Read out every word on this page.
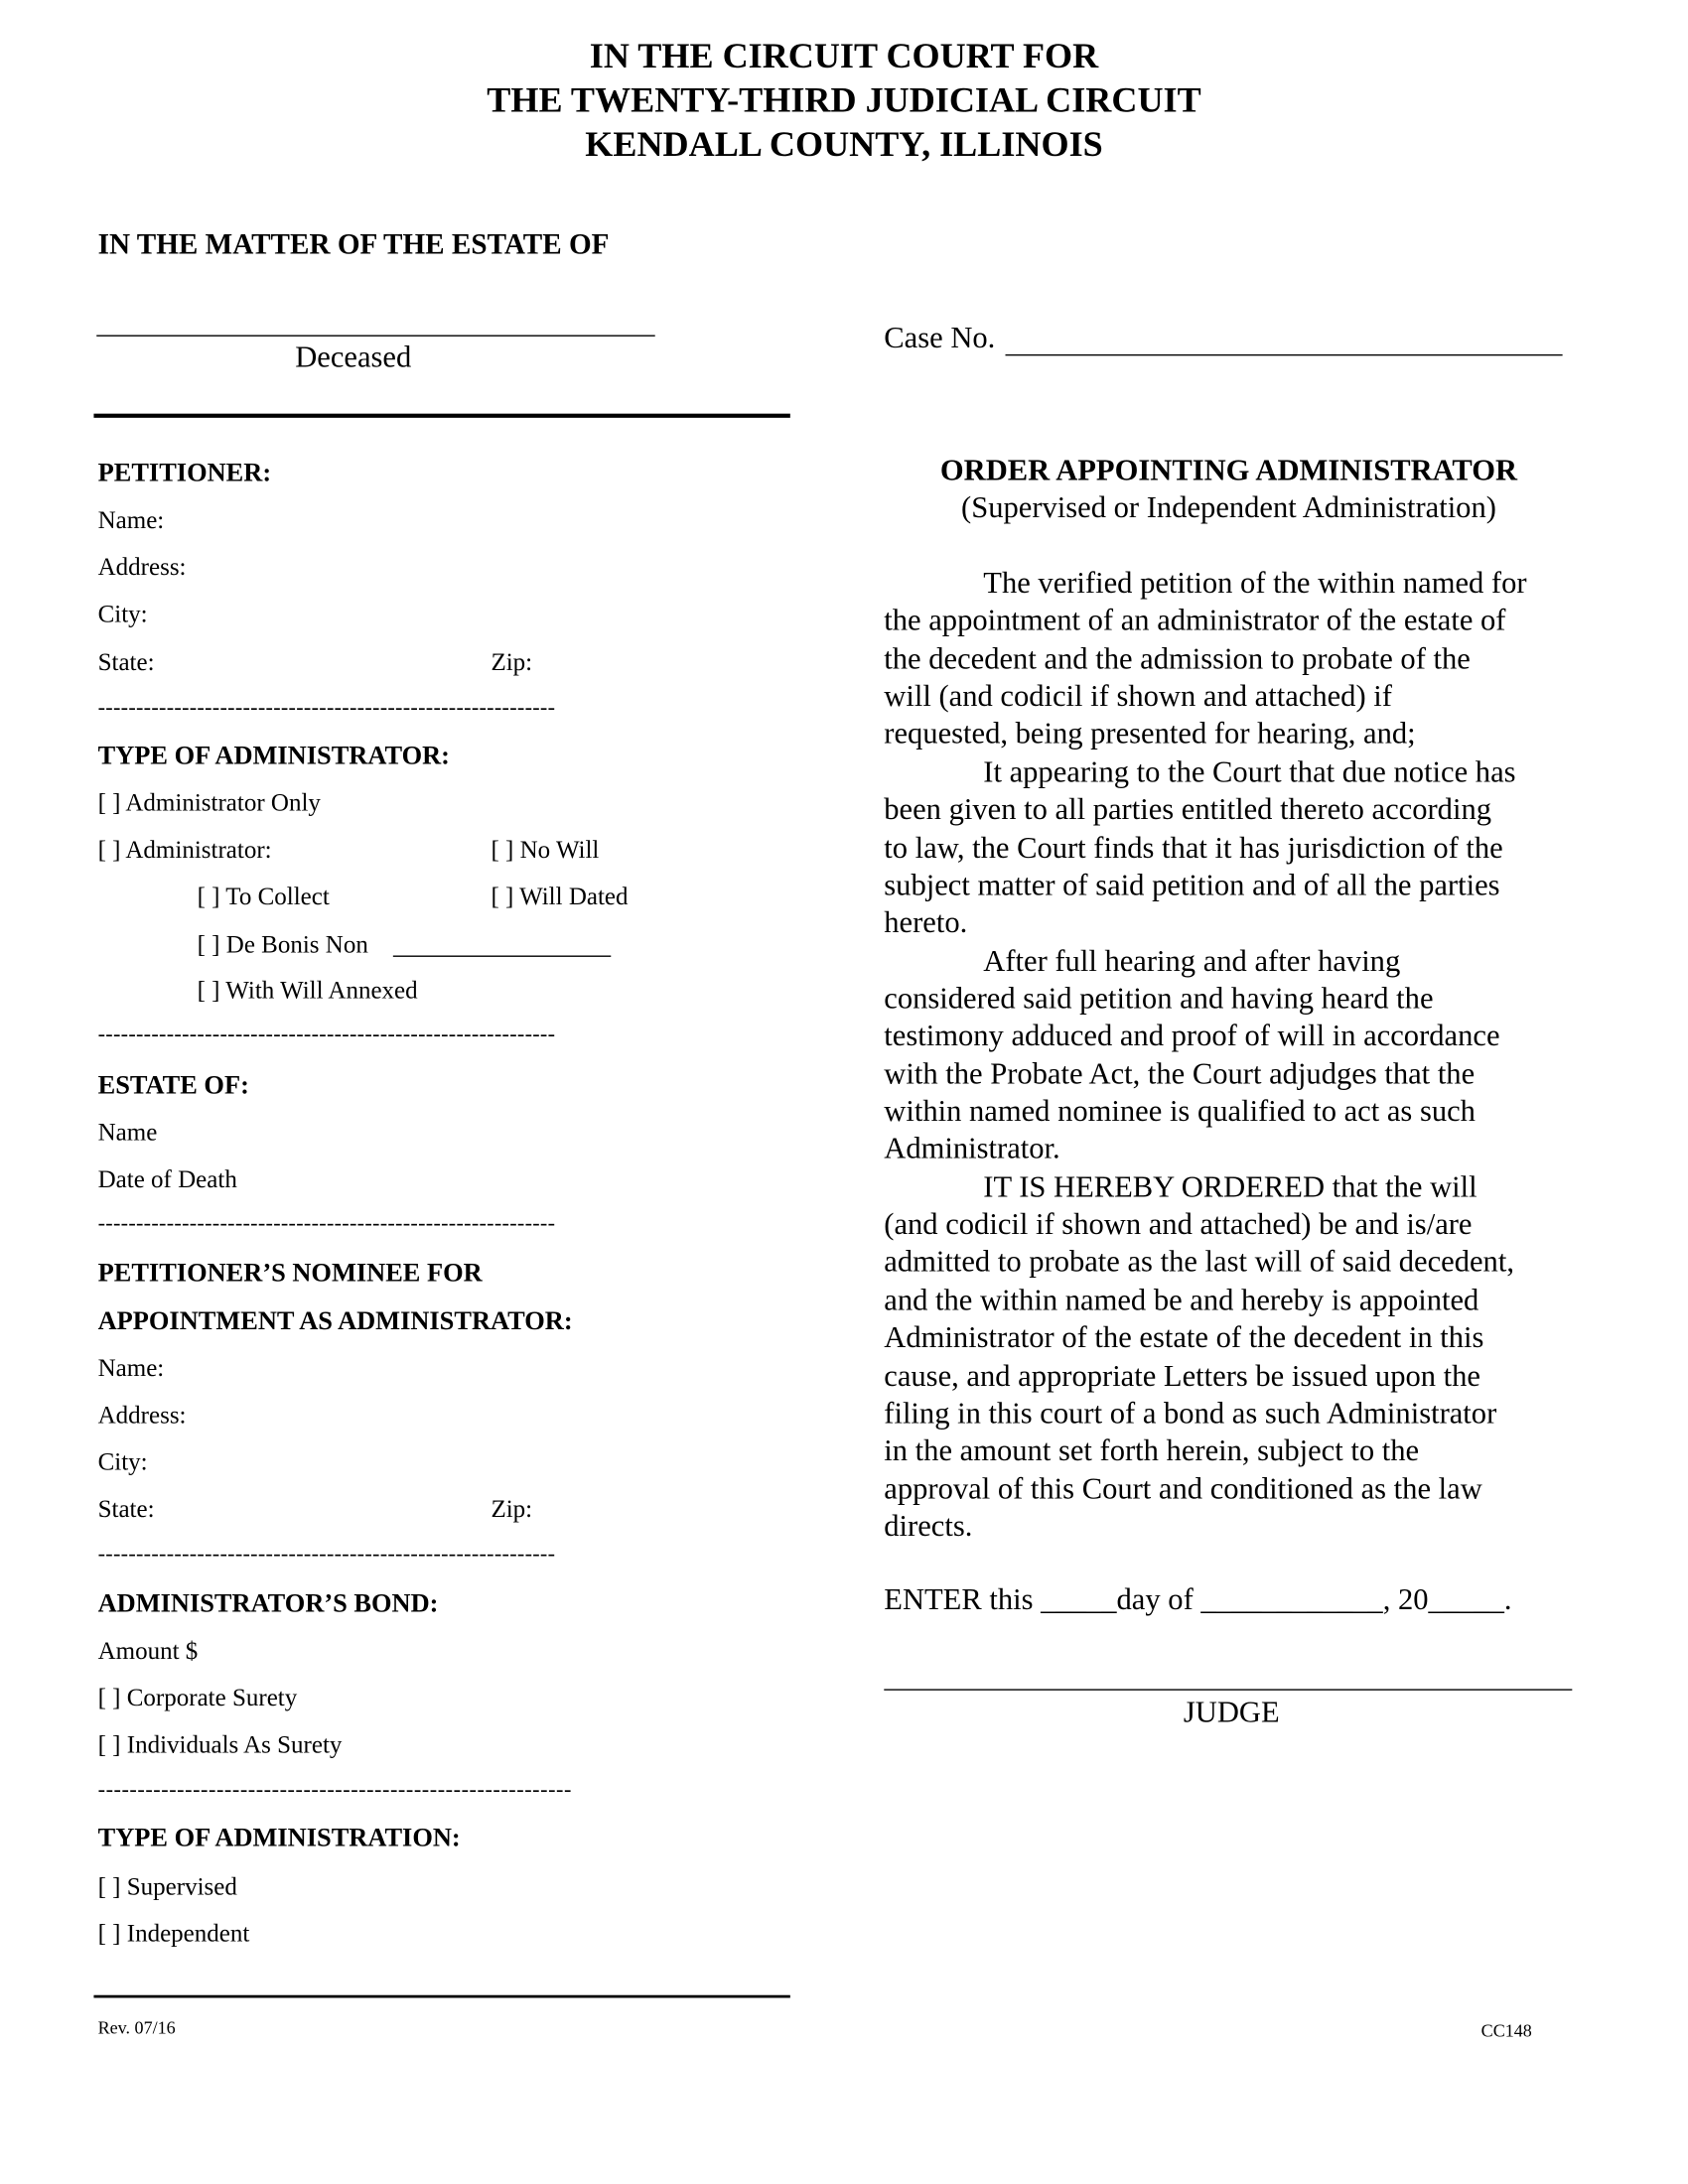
IN THE CIRCUIT COURT FOR
THE TWENTY-THIRD JUDICIAL CIRCUIT
KENDALL COUNTY, ILLINOIS
IN THE MATTER OF THE ESTATE OF
Deceased
Case No.
PETITIONER:
Name:
Address:
City:
State:	Zip:
------------------------------------------------------------
TYPE OF ADMINISTRATOR:
[ ] Administrator Only
[ ] Administrator:	[ ] No Will
[ ] To Collect	[ ] Will Dated
[ ] De Bonis Non
[ ] With Will Annexed
------------------------------------------------------------
ESTATE OF:
Name
Date of Death
------------------------------------------------------------
PETITIONER’S NOMINEE FOR
APPOINTMENT AS ADMINISTRATOR:
Name:
Address:
City:
State:	Zip:
------------------------------------------------------------
ADMINISTRATOR’S BOND:
Amount $
[ ] Corporate Surety
[ ] Individuals As Surety
------------------------------------------------------------
TYPE OF ADMINISTRATION:
[ ] Supervised
[ ] Independent
Rev. 07/16	CC148
ORDER APPOINTING ADMINISTRATOR
(Supervised or Independent Administration)
The verified petition of the within named for
the appointment of an administrator of the estate of
the decedent and the admission to probate of the
will (and codicil if shown and attached) if
requested, being presented for hearing, and;
It appearing to the Court that due notice has
been given to all parties entitled thereto according
to law, the Court finds that it has jurisdiction of the
subject matter of said petition and of all the parties
hereto.
After full hearing and after having
considered said petition and having heard the
testimony adduced and proof of will in accordance
with the Probate Act, the Court adjudges that the
within named nominee is qualified to act as such
Administrator.
IT IS HEREBY ORDERED that the will
(and codicil if shown and attached) be and is/are
admitted to probate as the last will of said decedent,
and the within named be and hereby is appointed
Administrator of the estate of the decedent in this
cause, and appropriate Letters be issued upon the
filing in this court of a bond as such Administrator
in the amount set forth herein, subject to the
approval of this Court and conditioned as the law
directs.
ENTER this _____day of ____________, 20_____.
JUDGE
